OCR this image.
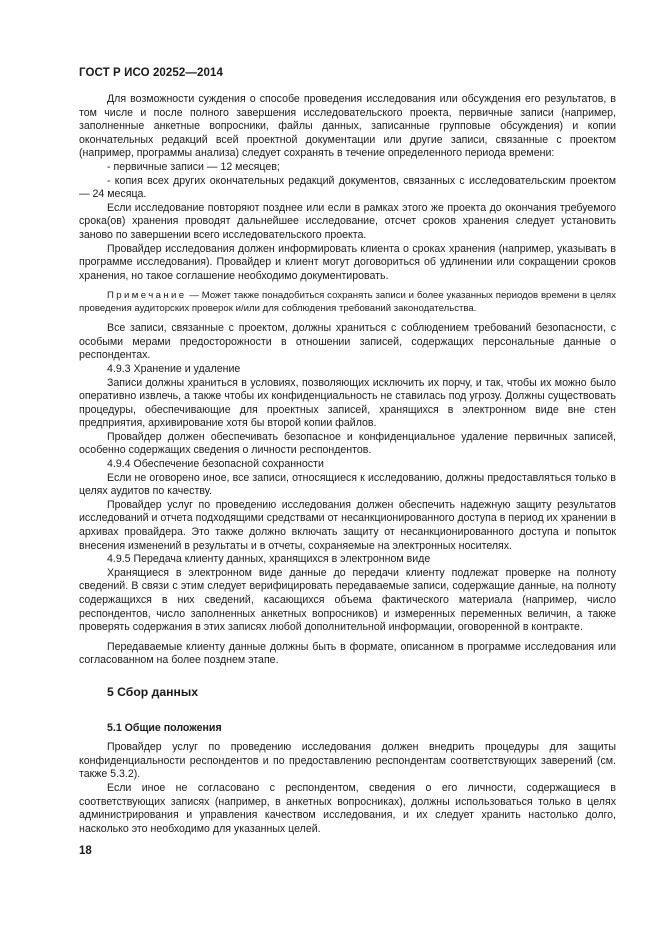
ГОСТ Р ИСО 20252—2014

Для возможности суждения о способе проведения исследования или обсуждения его результатов, в том числе и после полного завершения исследовательского проекта, первичные записи (например, заполненные анкетные вопросники, файлы данных, записанные групповые обсуждения) и копии окончательных редакций всей проектной документации или другие записи, связанные с проектом (например, программы анализа) следует сохранять в течение определенного периода времени:

- первичные записи — 12 месяцев;

- копия всех других окончательных редакций документов, связанных с исследовательским проектом — 24 месяца.

Если исследование повторяют позднее или если в рамках этого же проекта до окончания требуемого срока(ов) хранения проводят дальнейшее исследование, отсчет сроков хранения следует установить заново по завершении всего исследовательского проекта.

Провайдер исследования должен информировать клиента о сроках хранения (например, указывать в программе исследования). Провайдер и клиент могут договориться об удлинении или сокращении сроков хранения, но такое соглашение необходимо документировать.

Примечание — Может также понадобиться сохранять записи и более указанных периодов времени в целях проведения аудиторских проверок и/или для соблюдения требований законодательства.

Все записи, связанные с проектом, должны храниться с соблюдением требований безопасности, с особыми мерами предосторожности в отношении записей, содержащих персональные данные о респондентах.

4.9.3 Хранение и удаление

Записи должны храниться в условиях, позволяющих исключить их порчу, и так, чтобы их можно было оперативно извлечь, а также чтобы их конфиденциальность не ставилась под угрозу. Должны существовать процедуры, обеспечивающие для проектных записей, хранящихся в электронном виде вне стен предприятия, архивирование хотя бы второй копии файлов.

Провайдер должен обеспечивать безопасное и конфиденциальное удаление первичных записей, особенно содержащих сведения о личности респондентов.

4.9.4 Обеспечение безопасной сохранности

Если не оговорено иное, все записи, относящиеся к исследованию, должны предоставляться только в целях аудитов по качеству.

Провайдер услуг по проведению исследования должен обеспечить надежную защиту результатов исследований и отчета подходящими средствами от несанкционированного доступа в период их хранении в архивах провайдера. Это также должно включать защиту от несанкционированного доступа и попыток внесения изменений в результаты и в отчеты, сохраняемые на электронных носителях.

4.9.5 Передача клиенту данных, хранящихся в электронном виде

Хранящиеся в электронном виде данные до передачи клиенту подлежат проверке на полноту сведений. В связи с этим следует верифицировать передаваемые записи, содержащие данные, на полноту содержащихся в них сведений, касающихся объема фактического материала (например, число респондентов, число заполненных анкетных вопросников) и измеренных переменных величин, а также проверять содержания в этих записях любой дополнительной информации, оговоренной в контракте.

Передаваемые клиенту данные должны быть в формате, описанном в программе исследования или согласованном на более позднем этапе.

5 Сбор данных
5.1 Общие положения

Провайдер услуг по проведению исследования должен внедрить процедуры для защиты конфиденциальности респондентов и по предоставлению респондентам соответствующих заверений (см. также 5.3.2).

Если иное не согласовано с респондентом, сведения о его личности, содержащиеся в соответствующих записях (например, в анкетных вопросниках), должны использоваться только в целях администрирования и управления качеством исследования, и их следует хранить настолько долго, насколько это необходимо для указанных целей.

18
